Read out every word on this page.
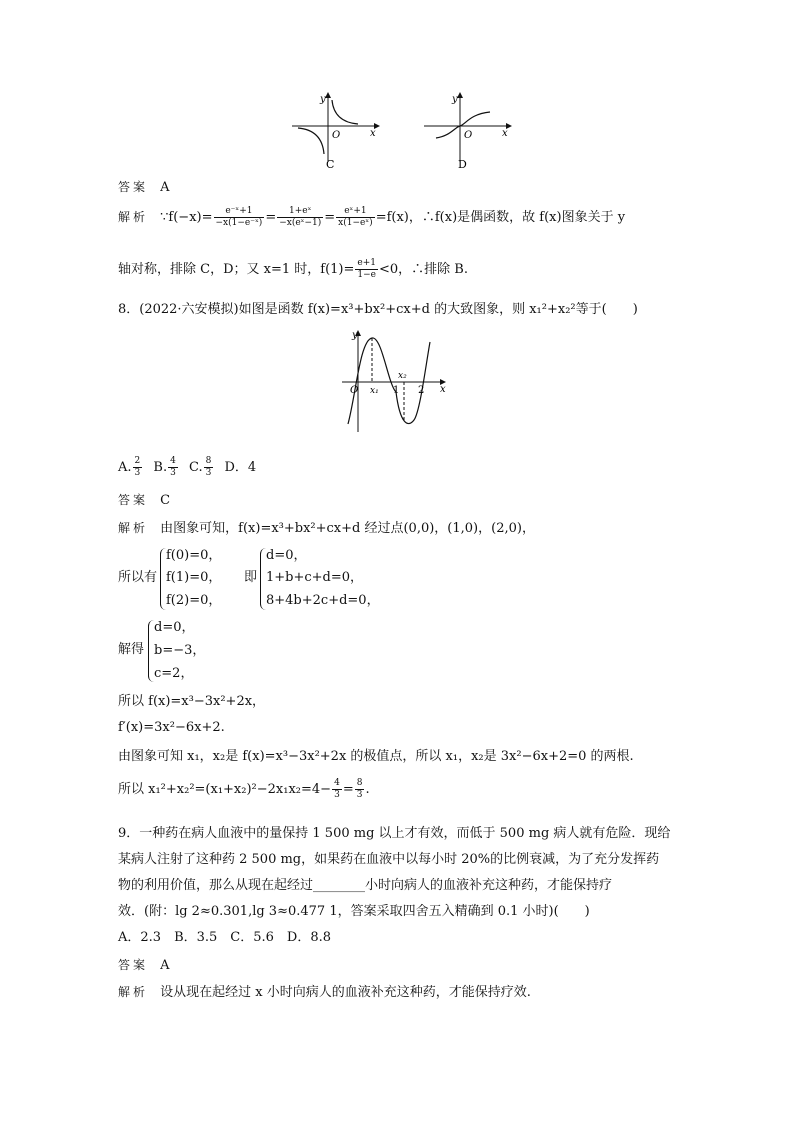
y
x
O
C
y
x
O
D
答案 A
解析 ∵f(−x)= $\frac{\text{e⁻ˣ+1}}{\text{−x(1−e⁻ˣ)}} = \frac{\text{1+eˣ}}{\text{−x(eˣ−1)}} = \frac{\text{eˣ+1}}{\text{x(1−eˣ)}} =f(x)$，∴f(x)是偶函数，故 f(x)图象关于 y
轴对称，排除 C，D；又 x=1 时，$f(1)= \frac{e+1}{1-e} <0$，∴排除 B.
8．(2022·六安模拟)如图是函数 f(x)=x³+bx²+cx+d 的大致图象，则 x₁²+x₂²等于(　　)
y
x
O x₁
x₂
1 2
A. $\frac{2}{3} B$. $\frac{4}{3} C$. $\frac{8}{3}$ D．4
答案 C
解析 由图象可知，f(x)=x³+bx²+cx+d 经过点(0,0)，(1,0)，(2,0)，
所以有
f(0)=0，
f(1)=0，
f(2)=0，
即
d=0，
1+b+c+d=0，
8+4b+2c+d=0，
解得
d=0，
b=−3，
c=2，
所以 f(x)=x³−3x²+2x，
f′(x)=3x²−6x+2.
由图象可知 x₁，x₂是 f(x)=x³−3x²+2x 的极值点，所以 x₁，x₂是 3x²−6x+2=0 的两根.
所以 $x_1^2+x_2^2=(x_1+x_2)^2-2x_1x_2=4- \frac{4}{3} = \frac{8}{3}$ .
9．一种药在病人血液中的量保持 1 500 mg 以上才有效，而低于 500 mg 病人就有危险．现给
某病人注射了这种药 2 500 mg，如果药在血液中以每小时 20%的比例衰减，为了充分发挥药
物的利用价值，那么从现在起经过________小时向病人的血液补充这种药，才能保持疗
效．(附：lg 2≈0.301,lg 3≈0.477 1，答案采取四舍五入精确到 0.1 小时)(　　)
A．2.3　B．3.5　C．5.6　D．8.8
答案 A
解析 设从现在起经过 x 小时向病人的血液补充这种药，才能保持疗效.
